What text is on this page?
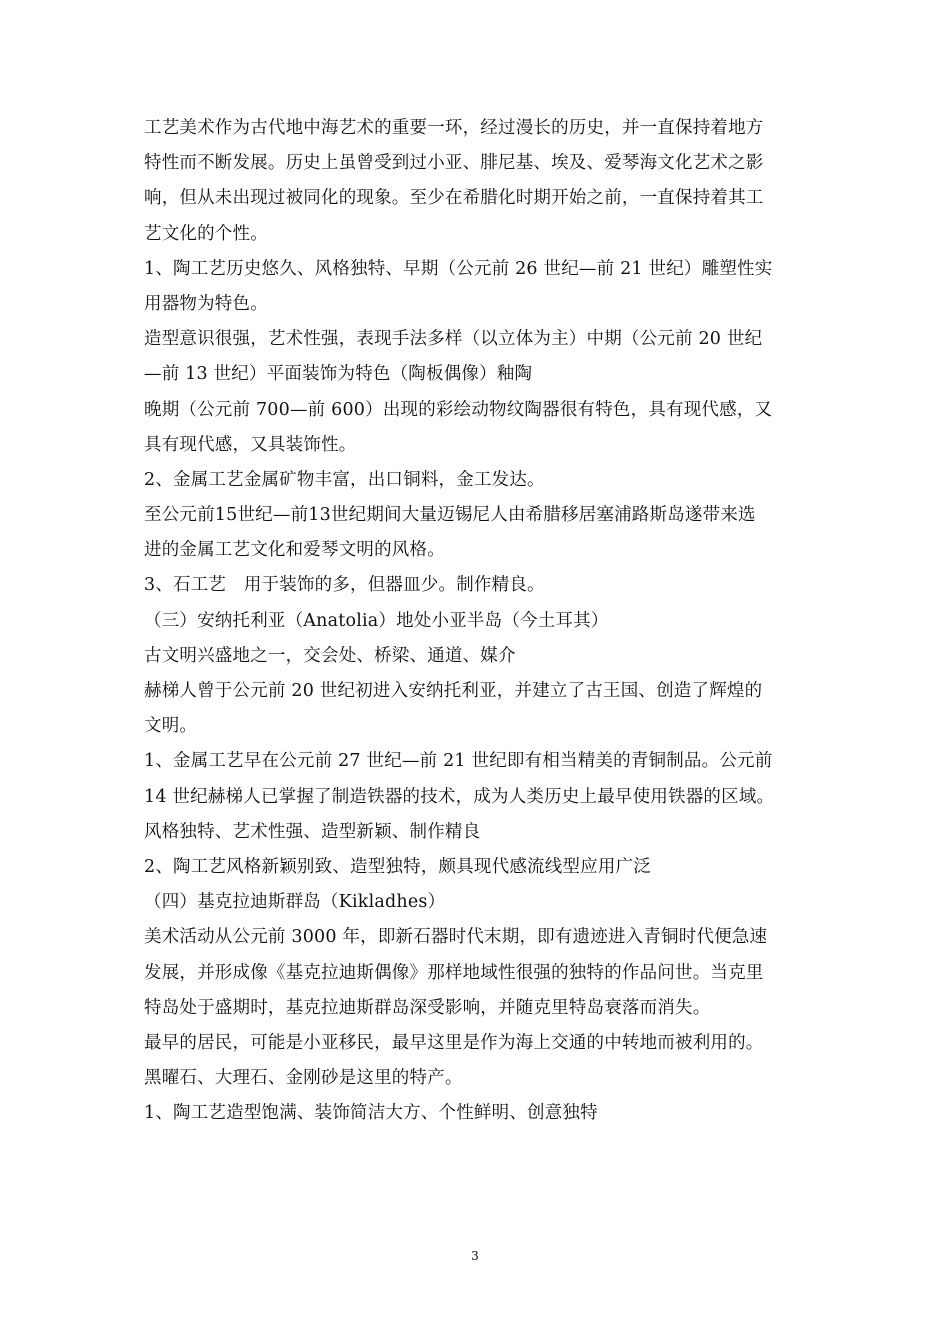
工艺美术作为古代地中海艺术的重要一环，经过漫长的历史，并一直保持着地方
特性而不断发展。历史上虽曾受到过小亚、腓尼基、埃及、爱琴海文化艺术之影
响，但从未出现过被同化的现象。至少在希腊化时期开始之前，一直保持着其工
艺文化的个性。
1、陶工艺历史悠久、风格独特、早期（公元前 26 世纪—前 21 世纪）雕塑性实
用器物为特色。
造型意识很强，艺术性强，表现手法多样（以立体为主）中期（公元前 20 世纪
—前 13 世纪）平面装饰为特色（陶板偶像）釉陶
晚期（公元前 700—前 600）出现的彩绘动物纹陶器很有特色，具有现代感，又
具有现代感，又具装饰性。
2、金属工艺金属矿物丰富，出口铜料，金工发达。
至公元前15世纪—前13世纪期间大量迈锡尼人由希腊移居塞浦路斯岛遂带来选
进的金属工艺文化和爱琴文明的风格。
3、石工艺　用于装饰的多，但器皿少。制作精良。
（三）安纳托利亚（Anatolia）地处小亚半岛（今土耳其）
古文明兴盛地之一，交会处、桥梁、通道、媒介
赫梯人曾于公元前 20 世纪初进入安纳托利亚，并建立了古王国、创造了辉煌的
文明。
1、金属工艺早在公元前 27 世纪—前 21 世纪即有相当精美的青铜制品。公元前
14 世纪赫梯人已掌握了制造铁器的技术，成为人类历史上最早使用铁器的区域。
风格独特、艺术性强、造型新颖、制作精良
2、陶工艺风格新颖别致、造型独特，颇具现代感流线型应用广泛
（四）基克拉迪斯群岛（Kikladhes）
美术活动从公元前 3000 年，即新石器时代末期，即有遗迹进入青铜时代便急速
发展，并形成像《基克拉迪斯偶像》那样地域性很强的独特的作品问世。当克里
特岛处于盛期时，基克拉迪斯群岛深受影响，并随克里特岛衰落而消失。
最早的居民，可能是小亚移民，最早这里是作为海上交通的中转地而被利用的。
黑曜石、大理石、金刚砂是这里的特产。
1、陶工艺造型饱满、装饰简洁大方、个性鲜明、创意独特
3
